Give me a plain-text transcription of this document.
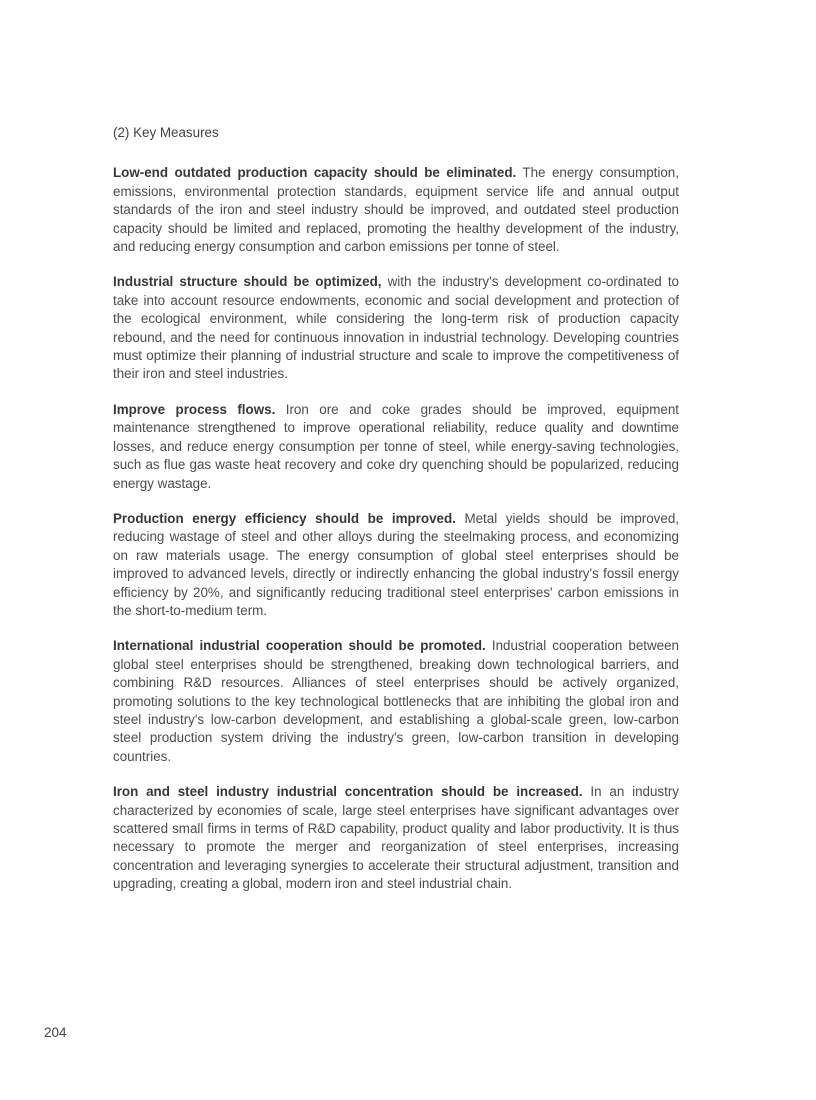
(2) Key Measures

Low-end outdated production capacity should be eliminated. The energy consumption, emissions, environmental protection standards, equipment service life and annual output standards of the iron and steel industry should be improved, and outdated steel production capacity should be limited and replaced, promoting the healthy development of the industry, and reducing energy consumption and carbon emissions per tonne of steel.

Industrial structure should be optimized, with the industry's development co-ordinated to take into account resource endowments, economic and social development and protection of the ecological environment, while considering the long-term risk of production capacity rebound, and the need for continuous innovation in industrial technology. Developing countries must optimize their planning of industrial structure and scale to improve the competitiveness of their iron and steel industries.

Improve process flows. Iron ore and coke grades should be improved, equipment maintenance strengthened to improve operational reliability, reduce quality and downtime losses, and reduce energy consumption per tonne of steel, while energy-saving technologies, such as flue gas waste heat recovery and coke dry quenching should be popularized, reducing energy wastage.

Production energy efficiency should be improved. Metal yields should be improved, reducing wastage of steel and other alloys during the steelmaking process, and economizing on raw materials usage. The energy consumption of global steel enterprises should be improved to advanced levels, directly or indirectly enhancing the global industry's fossil energy efficiency by 20%, and significantly reducing traditional steel enterprises' carbon emissions in the short-to-medium term.

International industrial cooperation should be promoted. Industrial cooperation between global steel enterprises should be strengthened, breaking down technological barriers, and combining R&D resources. Alliances of steel enterprises should be actively organized, promoting solutions to the key technological bottlenecks that are inhibiting the global iron and steel industry's low-carbon development, and establishing a global-scale green, low-carbon steel production system driving the industry's green, low-carbon transition in developing countries.

Iron and steel industry industrial concentration should be increased. In an industry characterized by economies of scale, large steel enterprises have significant advantages over scattered small firms in terms of R&D capability, product quality and labor productivity. It is thus necessary to promote the merger and reorganization of steel enterprises, increasing concentration and leveraging synergies to accelerate their structural adjustment, transition and upgrading, creating a global, modern iron and steel industrial chain.

204
